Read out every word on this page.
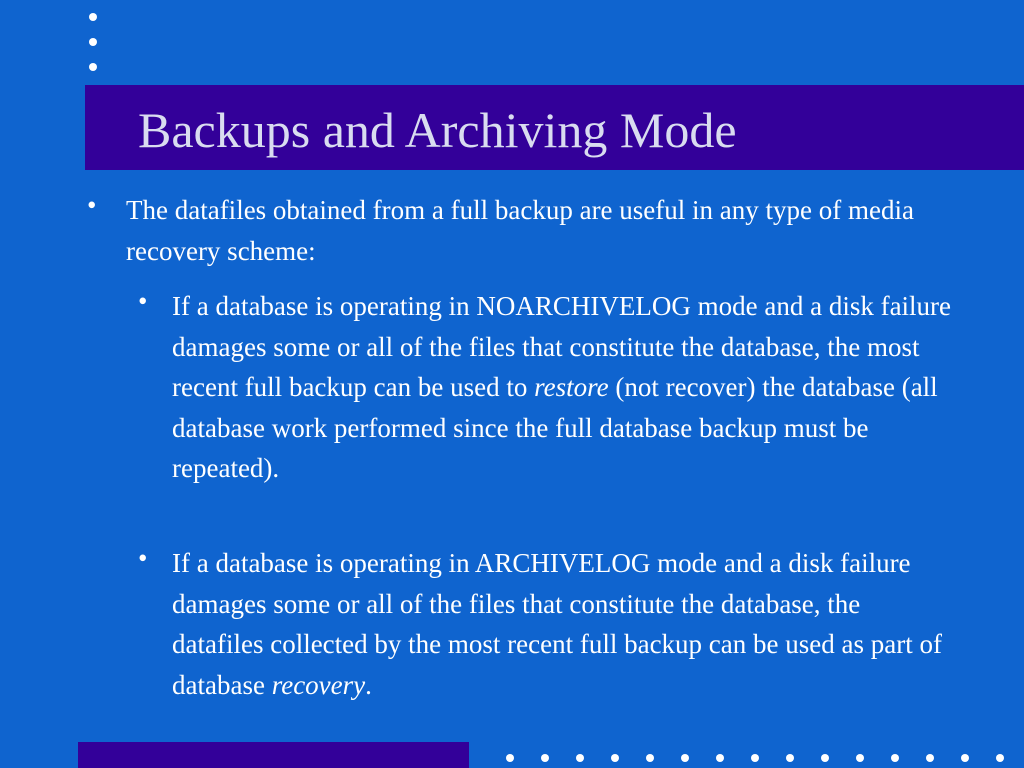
Backups and Archiving Mode
• The datafiles obtained from a full backup are useful in any type of media recovery scheme:

• If a database is operating in NOARCHIVELOG mode and a disk failure damages some or all of the files that constitute the database, the most recent full backup can be used to restore (not recover) the database (all database work performed since the full database backup must be repeated).

• If a database is operating in ARCHIVELOG mode and a disk failure damages some or all of the files that constitute the database, the datafiles collected by the most recent full backup can be used as part of database recovery.
